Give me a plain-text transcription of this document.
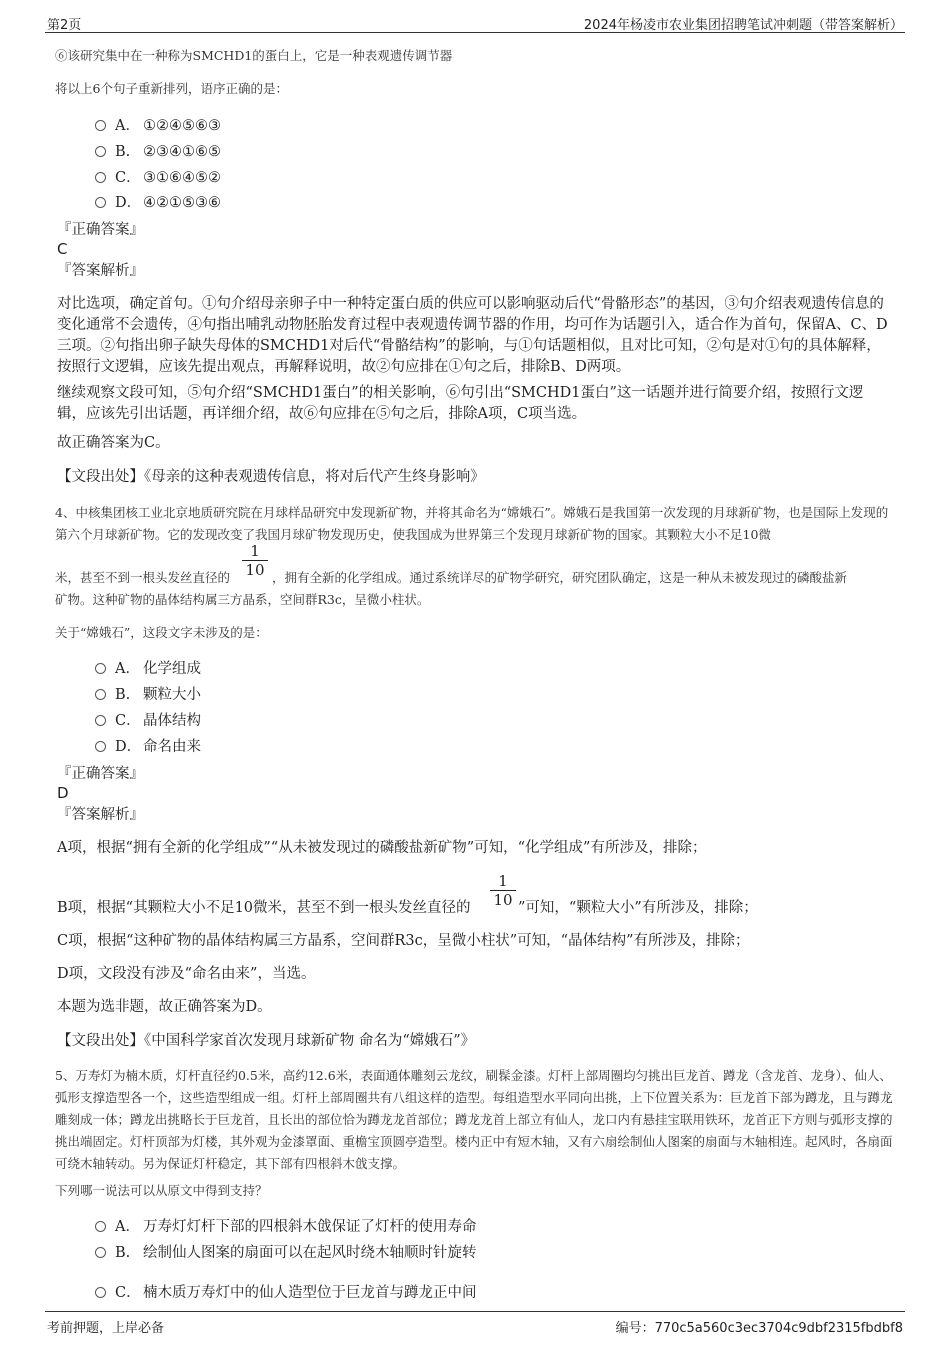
第2页	2024年杨凌市农业集团招聘笔试冲刺题（带答案解析）
⑥该研究集中在一种称为SMCHD1的蛋白上，它是一种表观遗传调节器
将以上6个句子重新排列，语序正确的是：
A． ①②④⑤⑥③
B. ②③④①⑥⑤
C． ③①⑥④⑤②
D． ④②①⑤③⑥
『正确答案』
C
『答案解析』
对比选项，确定首句。①句介绍母亲卵子中一种特定蛋白质的供应可以影响驱动后代“骨骼形态”的基因，③句介绍表观遗传信息的变化通常不会遗传，④句指出哺乳动物胚胎发育过程中表观遗传调节器的作用，均可作为话题引入，适合作为首句，保留A、C、D三项。②句指出卵子缺失母体的SMCHD1对后代“骨骼结构”的影响，与①句话题相似，且对比可知，②句是对①句的具体解释，按照行文逻辑，应该先提出观点，再解释说明，故②句应排在①句之后，排除B、D两项。
继续观察文段可知，⑤句介绍“SMCHD1蛋白”的相关影响，⑥句引出“SMCHD1蛋白”这一话题并进行简要介绍，按照行文逻辑，应该先引出话题，再详细介绍，故⑥句应排在⑤句之后，排除A项，C项当选。
故正确答案为C。
【文段出处】《母亲的这种表观遗传信息，将对后代产生终身影响》
4、中核集团核工业北京地质研究院在月球样品研究中发现新矿物，并将其命名为“嫦娥石”。嫦娥石是我国第一次发现的月球新矿物，也是国际上发现的第六个月球新矿物。它的发现改变了我国月球矿物发现历史，使我国成为世界第三个发现月球新矿物的国家。其颗粒大小不足10微
1
10
米，甚至不到一根头发丝直径的	，拥有全新的化学组成。通过系统详尽的矿物学研究，研究团队确定，这是一种从未被发现过的磷酸盐新
矿物。这种矿物的晶体结构属三方晶系，空间群R3c，呈微小柱状。
关于“嫦娥石”，这段文字未涉及的是：
A． 化学组成
B. 颗粒大小
C． 晶体结构
D． 命名由来
『正确答案』
D
『答案解析』
A项，根据“拥有全新的化学组成”“从未被发现过的磷酸盐新矿物”可知，“化学组成”有所涉及，排除；
1
10
B项，根据“其颗粒大小不足10微米，甚至不到一根头发丝直径的	”可知，“颗粒大小”有所涉及，排除；
C项，根据“这种矿物的晶体结构属三方晶系，空间群R3c，呈微小柱状”可知，“晶体结构”有所涉及，排除；
D项，文段没有涉及“命名由来”，当选。
本题为选非题，故正确答案为D。
【文段出处】《中国科学家首次发现月球新矿物 命名为“嫦娥石”》
5、万寿灯为楠木质，灯杆直径约0.5米，高约12.6米，表面通体雕刻云龙纹，刷髹金漆。灯杆上部周圈均匀挑出巨龙首、蹲龙（含龙首、龙身）、仙人、弧形支撑造型各一个，这些造型组成一组。灯杆上部周圈共有八组这样的造型。每组造型水平同向出挑，上下位置关系为：巨龙首下部为蹲龙，且与蹲龙雕刻成一体；蹲龙出挑略长于巨龙首，且长出的部位恰为蹲龙龙首部位；蹲龙龙首上部立有仙人，龙口内有悬挂宝联用铁环，龙首正下方则与弧形支撑的挑出端固定。灯杆顶部为灯楼，其外观为金漆罩面、重檐宝顶圆亭造型。楼内正中有短木轴，又有六扇绘制仙人图案的扇面与木轴相连。起风时，各扇面可绕木轴转动。另为保证灯杆稳定，其下部有四根斜木戗支撑。
下列哪一说法可以从原文中得到支持？
A． 万寿灯灯杆下部的四根斜木戗保证了灯杆的使用寿命
B. 绘制仙人图案的扇面可以在起风时绕木轴顺时针旋转
C． 楠木质万寿灯中的仙人造型位于巨龙首与蹲龙正中间
考前押题，上岸必备	编号：770c5a560c3ec3704c9dbf2315fbdbf8
